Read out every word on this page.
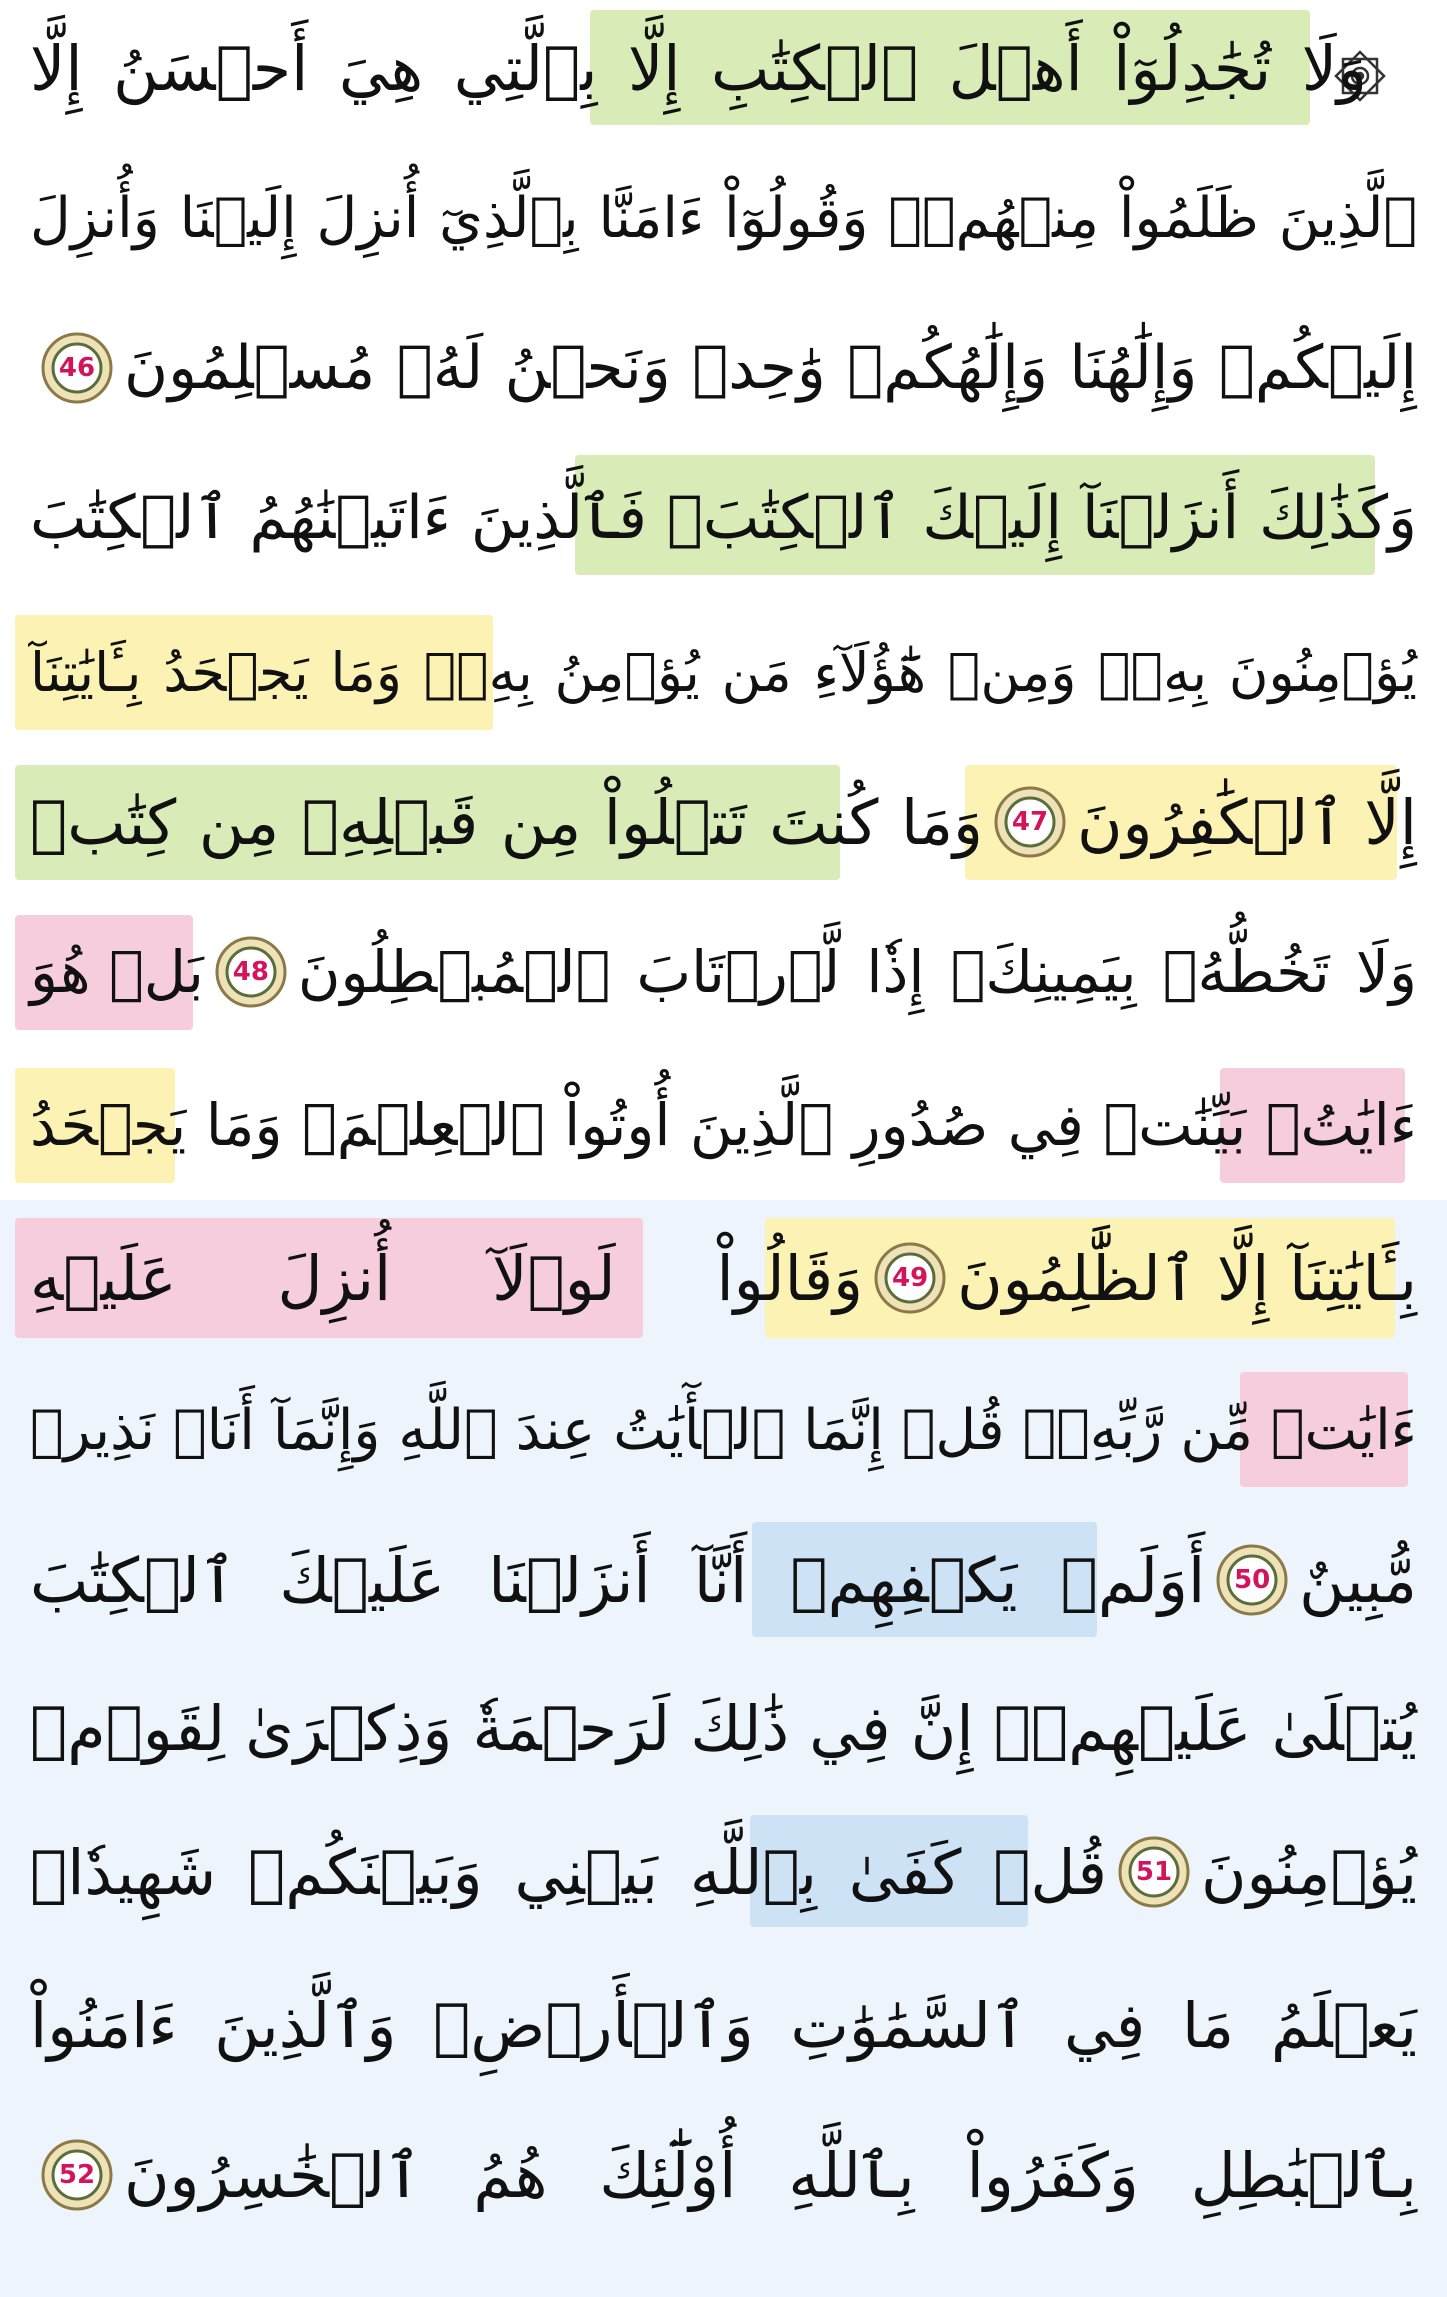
وَلَا تُجَٰدِلُوٓاْ أَهۡلَ ٱلۡكِتَٰبِ إِلَّا بِٱلَّتِي هِيَ أَحۡسَنُ إِلَّا
ٱلَّذِينَ ظَلَمُواْ مِنۡهُمۡۖ وَقُولُوٓاْ ءَامَنَّا بِٱلَّذِيٓ أُنزِلَ إِلَيۡنَا وَأُنزِلَ
إِلَيۡكُمۡ وَإِلَٰهُنَا وَإِلَٰهُكُمۡ وَٰحِدٞ وَنَحۡنُ لَهُۥ مُسۡلِمُونَ
46
وَكَذَٰلِكَ أَنزَلۡنَآ إِلَيۡكَ ٱلۡكِتَٰبَۚ فَٱلَّذِينَ ءَاتَيۡنَٰهُمُ ٱلۡكِتَٰبَ
يُؤۡمِنُونَ بِهِۦۖ وَمِنۡ هَٰٓؤُلَآءِ مَن يُؤۡمِنُ بِهِۦۚ وَمَا يَجۡحَدُ بِـَٔايَٰتِنَآ
إِلَّا ٱلۡكَٰفِرُونَ
47
وَمَا كُنتَ تَتۡلُواْ مِن قَبۡلِهِۦ مِن كِتَٰبٖ
وَلَا تَخُطُّهُۥ بِيَمِينِكَۖ إِذٗا لَّٱرۡتَابَ ٱلۡمُبۡطِلُونَ
48
بَلۡ هُوَ
ءَايَٰتُۢ بَيِّنَٰتٞ فِي صُدُورِ ٱلَّذِينَ أُوتُواْ ٱلۡعِلۡمَۚ وَمَا يَجۡحَدُ
بِـَٔايَٰتِنَآ إِلَّا ٱلظَّٰلِمُونَ
49
وَقَالُواْ لَوۡلَآ أُنزِلَ عَلَيۡهِ
ءَايَٰتٞ مِّن رَّبِّهِۦۖ قُلۡ إِنَّمَا ٱلۡأٓيَٰتُ عِندَ ٱللَّهِ وَإِنَّمَآ أَنَا۠ نَذِيرٞ
مُّبِينٌ
50
أَوَلَمۡ يَكۡفِهِمۡ أَنَّآ أَنزَلۡنَا عَلَيۡكَ ٱلۡكِتَٰبَ
يُتۡلَىٰ عَلَيۡهِمۡۚ إِنَّ فِي ذَٰلِكَ لَرَحۡمَةٗ وَذِكۡرَىٰ لِقَوۡمٖ
يُؤۡمِنُونَ
51
قُلۡ كَفَىٰ بِٱللَّهِ بَيۡنِي وَبَيۡنَكُمۡ شَهِيدٗاۖ
يَعۡلَمُ مَا فِي ٱلسَّمَٰوَٰتِ وَٱلۡأَرۡضِۗ وَٱلَّذِينَ ءَامَنُواْ
بِٱلۡبَٰطِلِ وَكَفَرُواْ بِٱللَّهِ أُوْلَٰٓئِكَ هُمُ ٱلۡخَٰسِرُونَ
52
